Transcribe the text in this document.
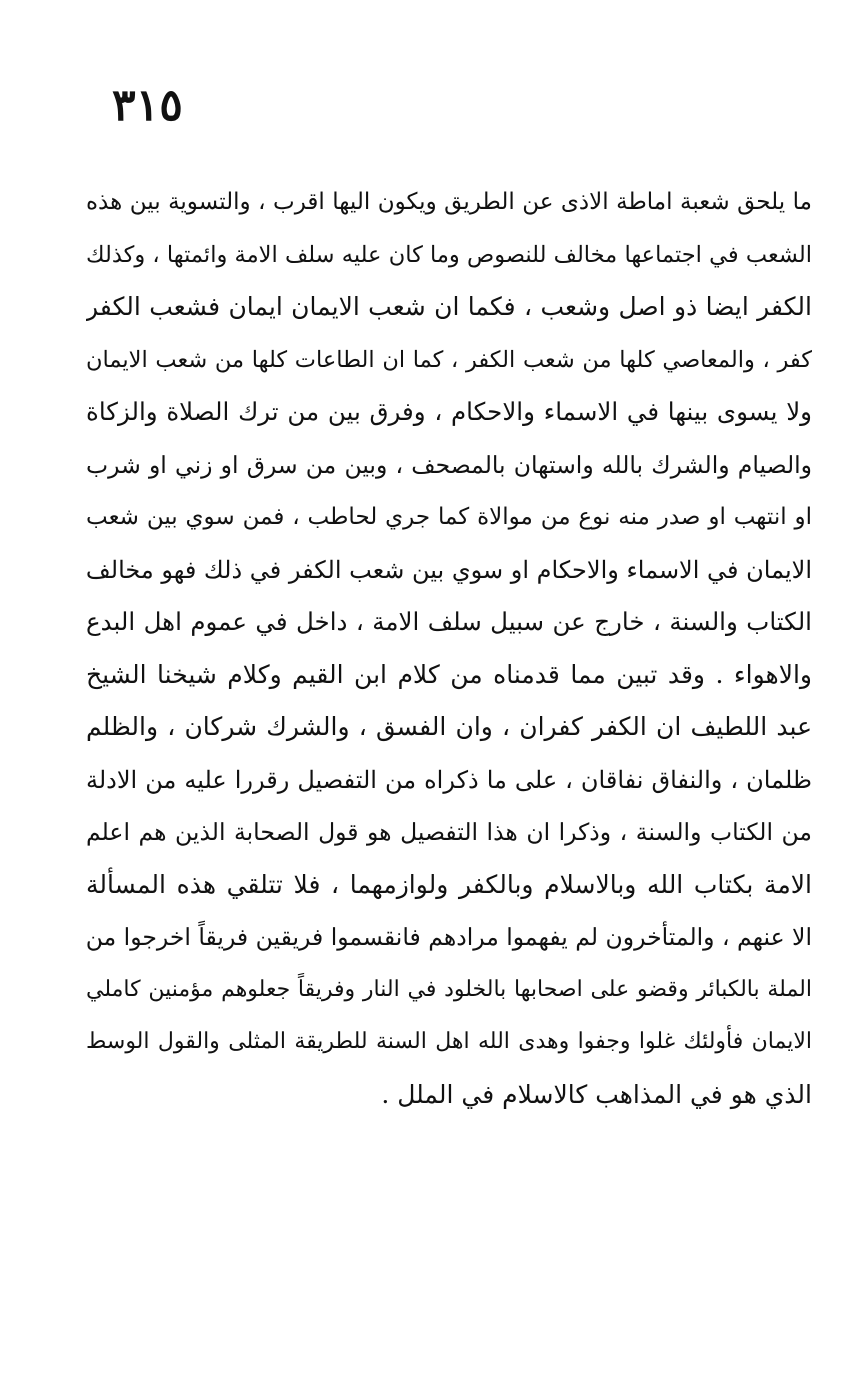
٣١٥
ما يلحق شعبة اماطة الاذى عن الطريق ويكون اليها اقرب ، والتسوية بين هذه
الشعب في اجتماعها مخالف للنصوص وما كان عليه سلف الامة وائمتها ، وكذلك
الكفر ايضا ذو اصل وشعب ، فكما ان شعب الايمان ايمان فشعب الكفر
كفر ، والمعاصي كلها من شعب الكفر ، كما ان الطاعات كلها من شعب الايمان
ولا يسوى بينها في الاسماء والاحكام ، وفرق بين من ترك الصلاة والزكاة
والصيام والشرك بالله واستهان بالمصحف ، وبين من سرق او زني او شرب
او انتهب او صدر منه نوع من موالاة كما جري لحاطب ، فمن سوي بين شعب
الايمان في الاسماء والاحكام او سوي بين شعب الكفر في ذلك فهو مخالف
الكتاب والسنة ، خارج عن سبيل سلف الامة ، داخل في عموم اهل البدع
والاهواء . وقد تبين مما قدمناه من كلام ابن القيم وكلام شيخنا الشيخ
عبد اللطيف ان الكفر كفران ، وان الفسق ، والشرك شركان ، والظلم
ظلمان ، والنفاق نفاقان ، على ما ذكراه من التفصيل رقررا عليه من الادلة
من الكتاب والسنة ، وذكرا ان هذا التفصيل هو قول الصحابة الذين هم اعلم
الامة بكتاب الله وبالاسلام وبالكفر ولوازمهما ، فلا تتلقي هذه المسألة
الا عنهم ، والمتأخرون لم يفهموا مرادهم فانقسموا فريقين فريقاً اخرجوا من
الملة بالكبائر وقضو على اصحابها بالخلود في النار وفريقاً جعلوهم مؤمنين كاملي
الايمان فأولئك غلوا وجفوا وهدى الله اهل السنة للطريقة المثلى والقول الوسط
الذي هو في المذاهب كالاسلام في الملل .
